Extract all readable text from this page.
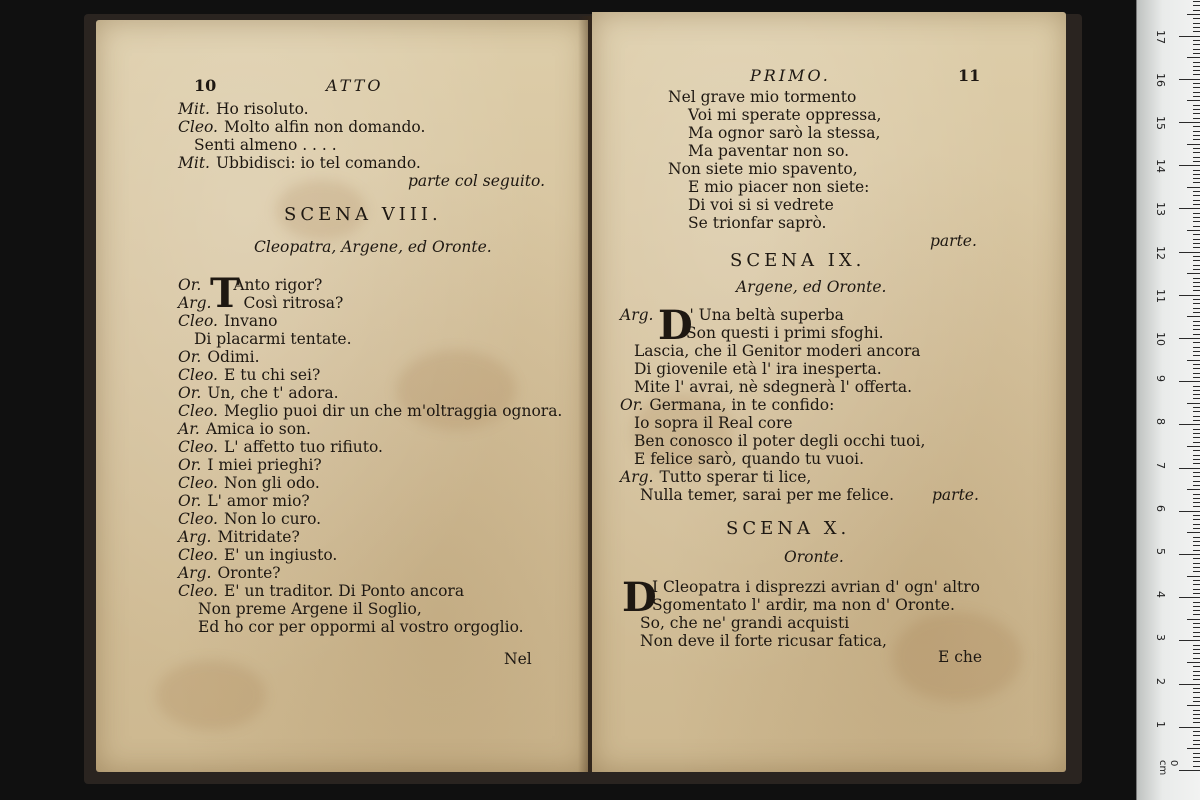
10	ATTO
Mit. Ho risoluto.
Cleo. Molto alfin non domando.
Senti almeno . . . .
Mit. Ubbidisci: io tel comando.
parte col seguito.
SCENA VIII.
Cleopatra, Argene, ed Oronte.
T
Or. Anto rigor?
Arg. Così ritrosa?
Cleo. Invano
Di placarmi tentate.
Or. Odimi.
Cleo. E tu chi sei?
Or. Un, che t' adora.
Cleo. Meglio puoi dir un che m'oltraggia ognora.
Ar. Amica io son.
Cleo. L' affetto tuo rifiuto.
Or. I miei prieghi?
Cleo. Non gli odo.
Or. L' amor mio?
Cleo. Non lo curo.
Arg. Mitridate?
Cleo. E' un ingiusto.
Arg. Oronte?
Cleo. E' un traditor. Di Ponto ancora
Non preme Argene il Soglio,
Ed ho cor per oppormi al vostro orgoglio.
Nel
PRIMO.	11
Nel grave mio tormento
Voi mi sperate oppressa,
Ma ognor sarò la stessa,
Ma paventar non so.
Non siete mio spavento,
E mio piacer non siete:
Di voi si si vedrete
Se trionfar saprò.
parte.
SCENA IX.
Argene, ed Oronte.
D
Arg. ' Una beltà superba
Son questi i primi sfoghi.
Lascia, che il Genitor moderi ancora
Di giovenile età l' ira inesperta.
Mite l' avrai, nè sdegnerà l' offerta.
Or. Germana, in te confido:
Io sopra il Real core
Ben conosco il poter degli occhi tuoi,
E felice sarò, quando tu vuoi.
Arg. Tutto sperar ti lice,
Nulla temer, sarai per me felice. parte.
SCENA X.
Oronte.
D
I Cleopatra i disprezzi avrian d' ogn' altro
Sgomentato l' ardir, ma non d' Oronte.
So, che ne' grandi acquisti
Non deve il forte ricusar fatica,
E che
1
2
3
4
5
6
7
8
9
10
11
12
13
14
15
16
17
0 cm
